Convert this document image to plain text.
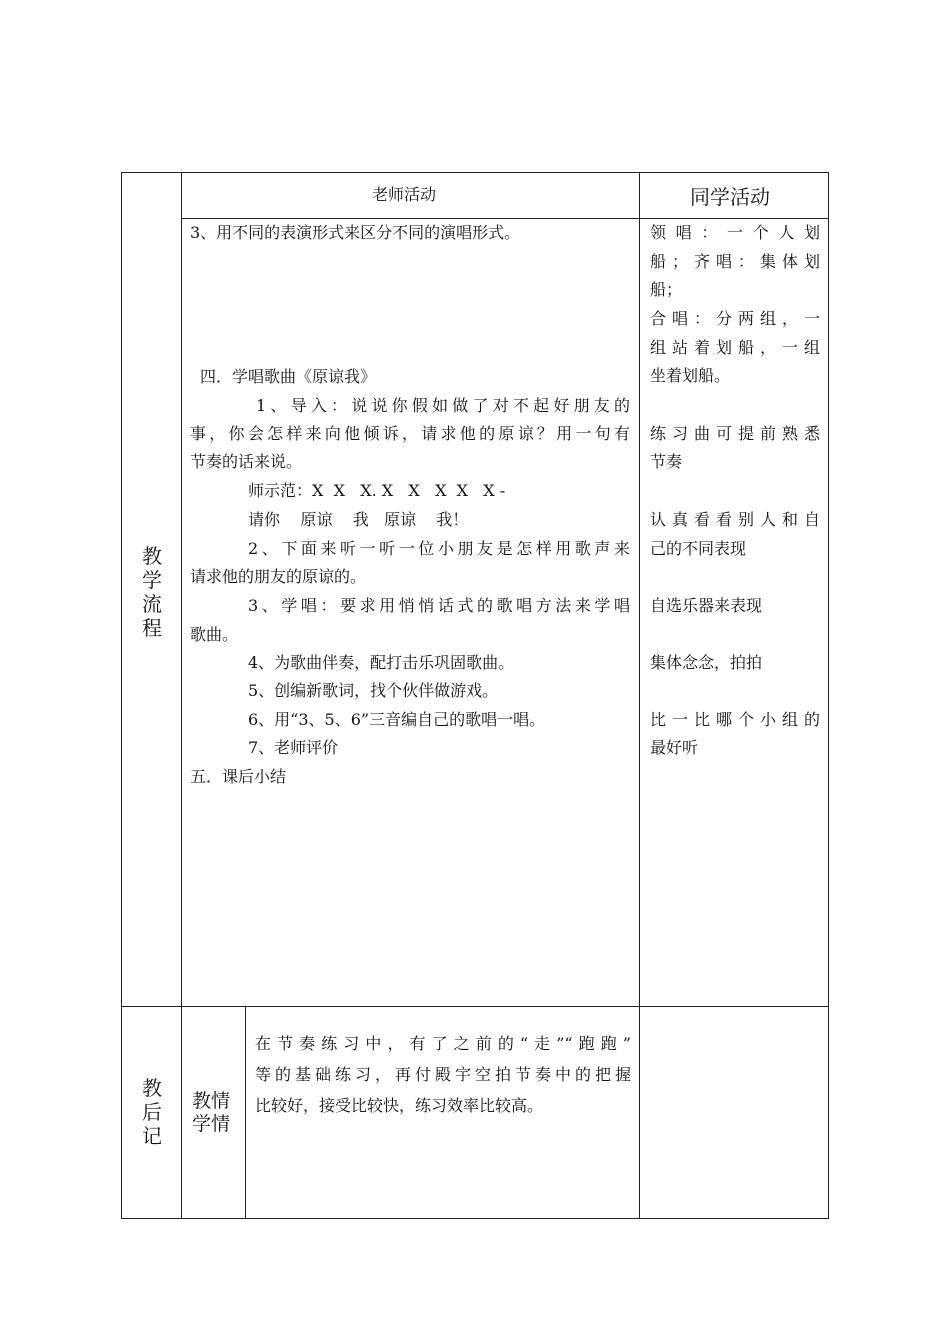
老师活动	同学活动
教
学
流
程
3、用不同的表演形式来区分不同的演唱形式。
四．学唱歌曲《原谅我》
1、导入：说说你假如做了对不起好朋友的
事，你会怎样来向他倾诉，请求他的原谅？用一句有
节奏的话来说。
师示范：X  X   X. X   X   X  X   X -
请你    原谅    我   原谅    我！
2、下面来听一听一位小朋友是怎样用歌声来
请求他的朋友的原谅的。
3、学唱：要求用悄悄话式的歌唱方法来学唱
歌曲。
4、为歌曲伴奏，配打击乐巩固歌曲。
5、创编新歌词，找个伙伴做游戏。
6、用“3、5、6”三音编自己的歌唱一唱。
7、老师评价
五．课后小结
领唱：一个人划
船；齐唱：集体划
船；
合唱：分两组，一
组站着划船，一组
坐着划船。
练习曲可提前熟悉
节奏
认真看看别人和自
己的不同表现
自选乐器来表现
集体念念，拍拍
比一比哪个小组的
最好听
教
后
记
教情
学情
在节奏练习中，有了之前的“走”“跑跑”
等的基础练习，再付殿宇空拍节奏中的把握
比较好，接受比较快，练习效率比较高。
